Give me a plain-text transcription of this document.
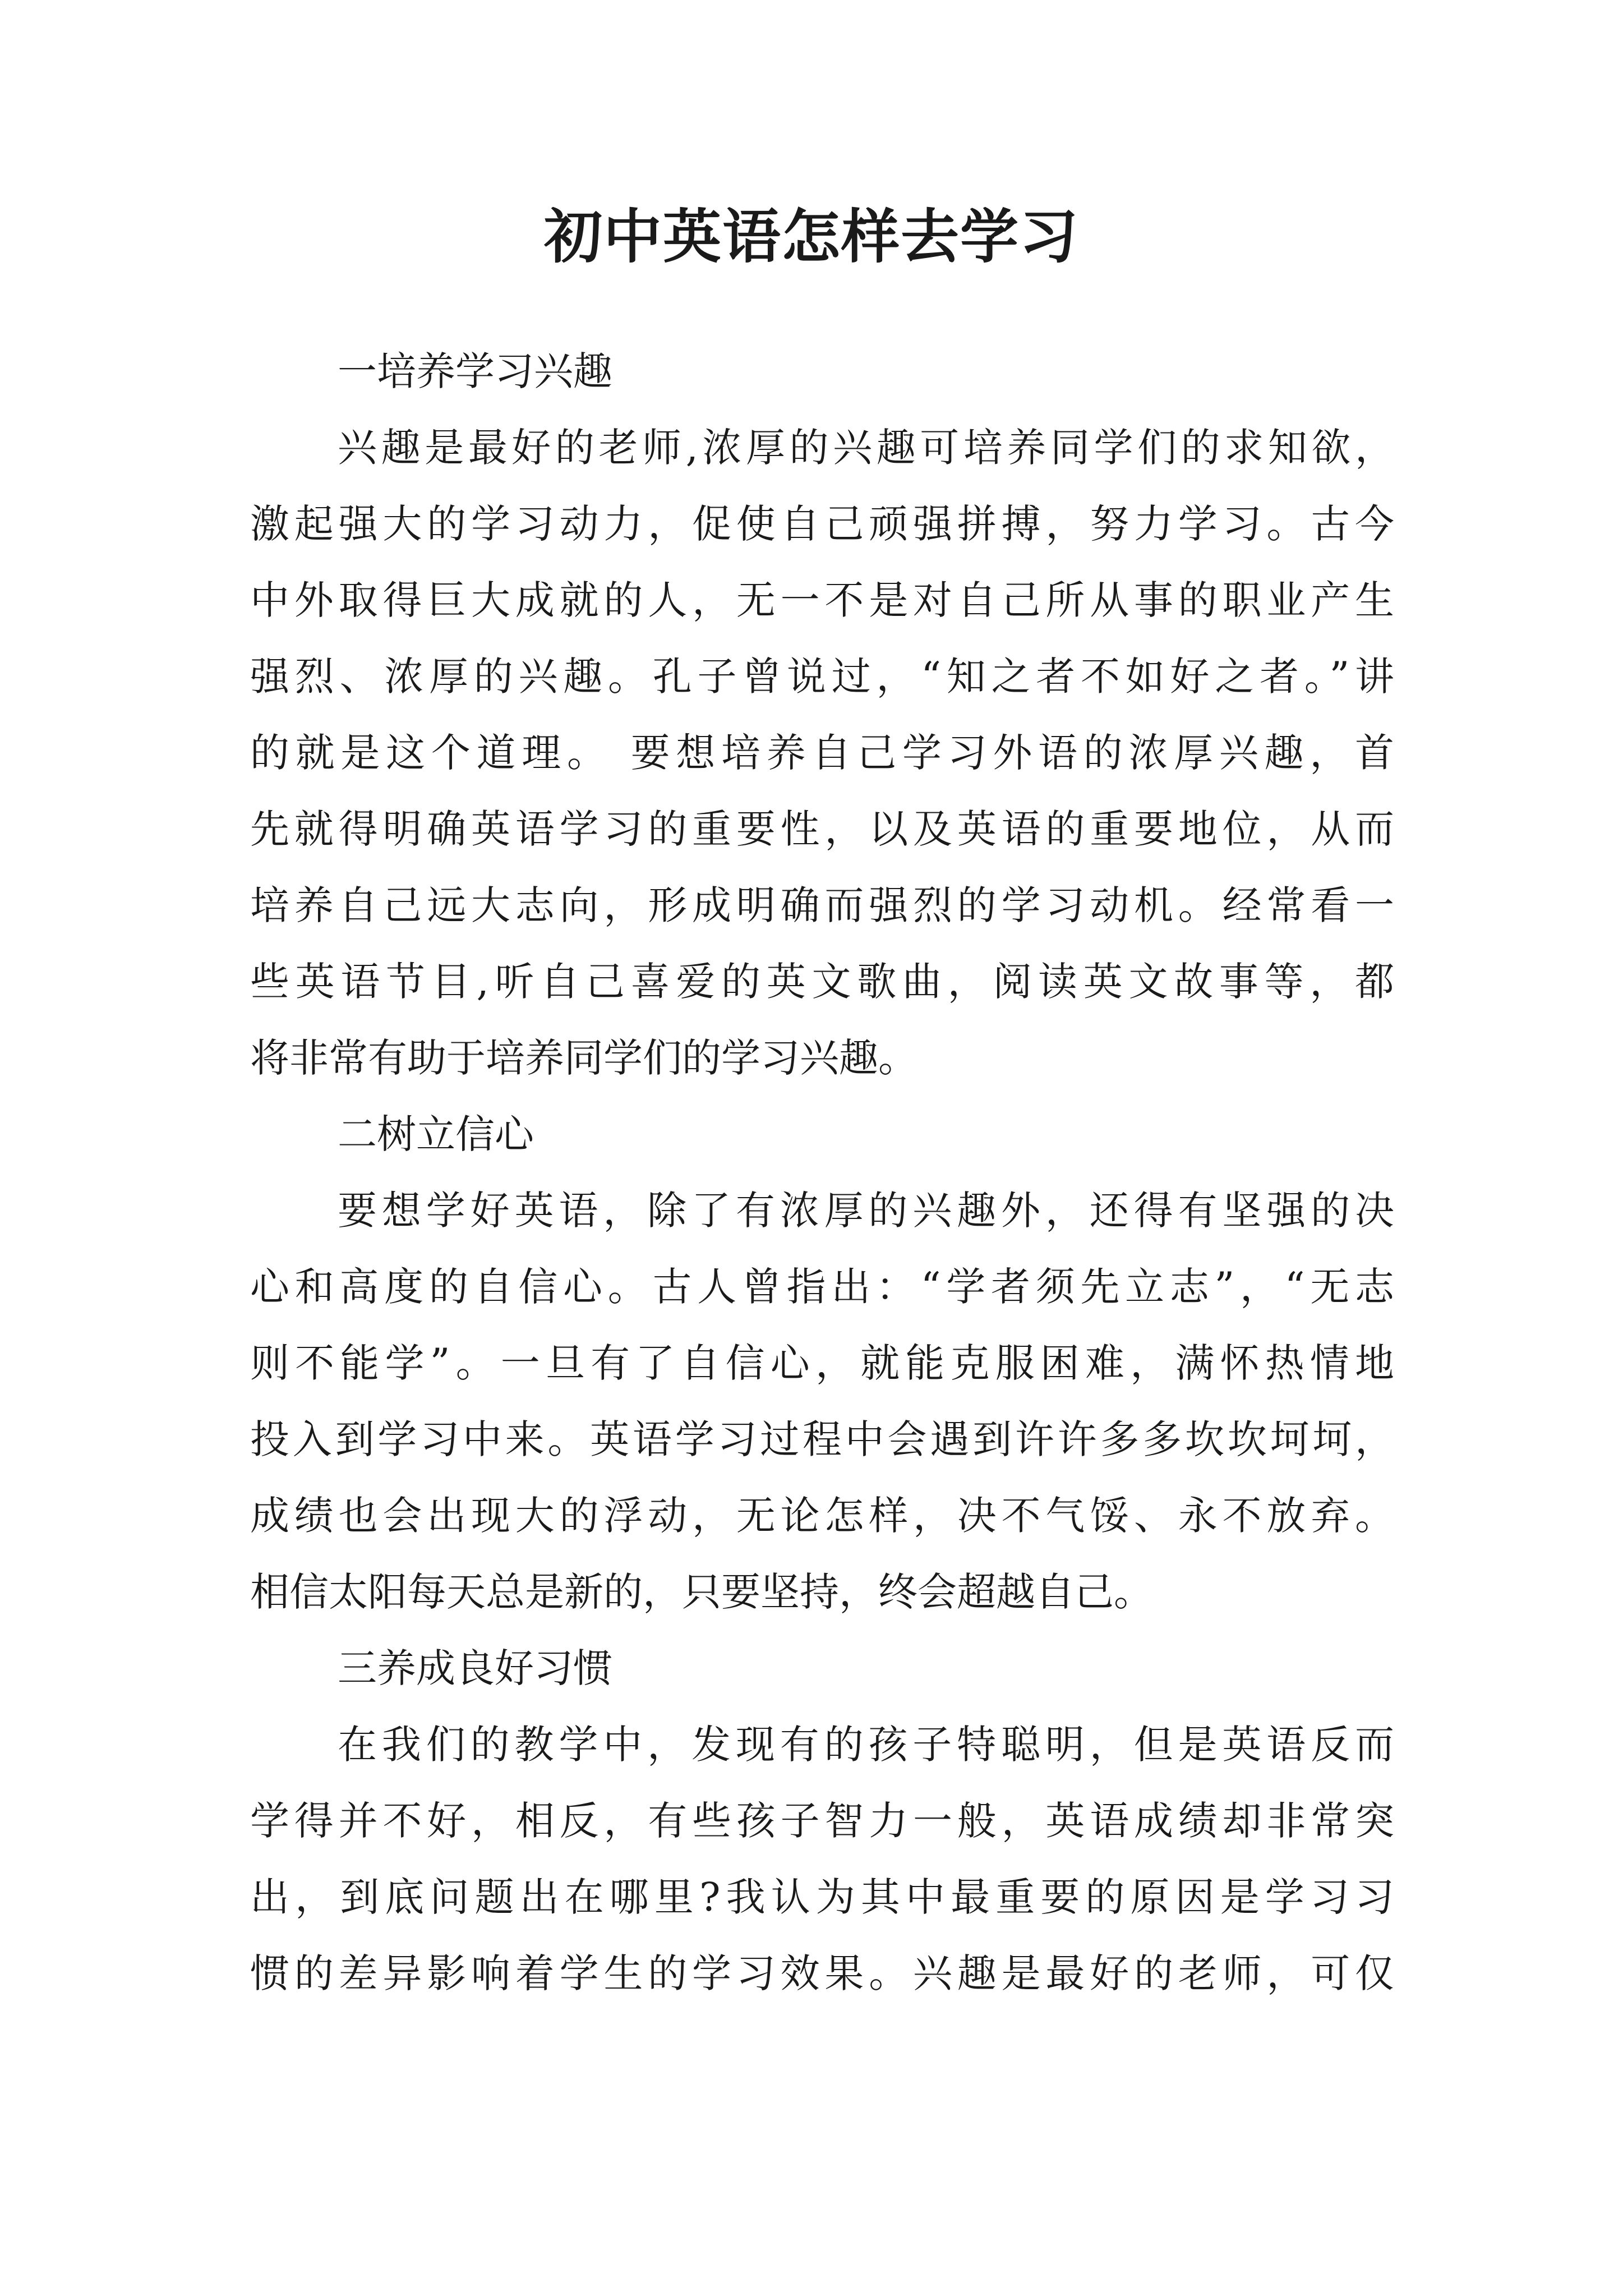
初中英语怎样去学习

一培养学习兴趣

兴趣是最好的老师,浓厚的兴趣可培养同学们的求知欲，

激起强大的学习动力，促使自己顽强拼搏，努力学习。古今

中外取得巨大成就的人，无一不是对自己所从事的职业产生

强烈、浓厚的兴趣。孔子曾说过，“知之者不如好之者。”讲

的就是这个道理。 要想培养自己学习外语的浓厚兴趣，首

先就得明确英语学习的重要性，以及英语的重要地位，从而

培养自己远大志向，形成明确而强烈的学习动机。经常看一

些英语节目,听自己喜爱的英文歌曲，阅读英文故事等，都

将非常有助于培养同学们的学习兴趣。

二树立信心

要想学好英语，除了有浓厚的兴趣外，还得有坚强的决

心和高度的自信心。古人曾指出：“学者须先立志”，“无志

则不能学”。一旦有了自信心，就能克服困难，满怀热情地

投入到学习中来。英语学习过程中会遇到许许多多坎坎坷坷，

成绩也会出现大的浮动，无论怎样，决不气馁、永不放弃。

相信太阳每天总是新的，只要坚持，终会超越自己。

三养成良好习惯

在我们的教学中，发现有的孩子特聪明，但是英语反而

学得并不好，相反，有些孩子智力一般，英语成绩却非常突

出，到底问题出在哪里?我认为其中最重要的原因是学习习

惯的差异影响着学生的学习效果。兴趣是最好的老师，可仅
